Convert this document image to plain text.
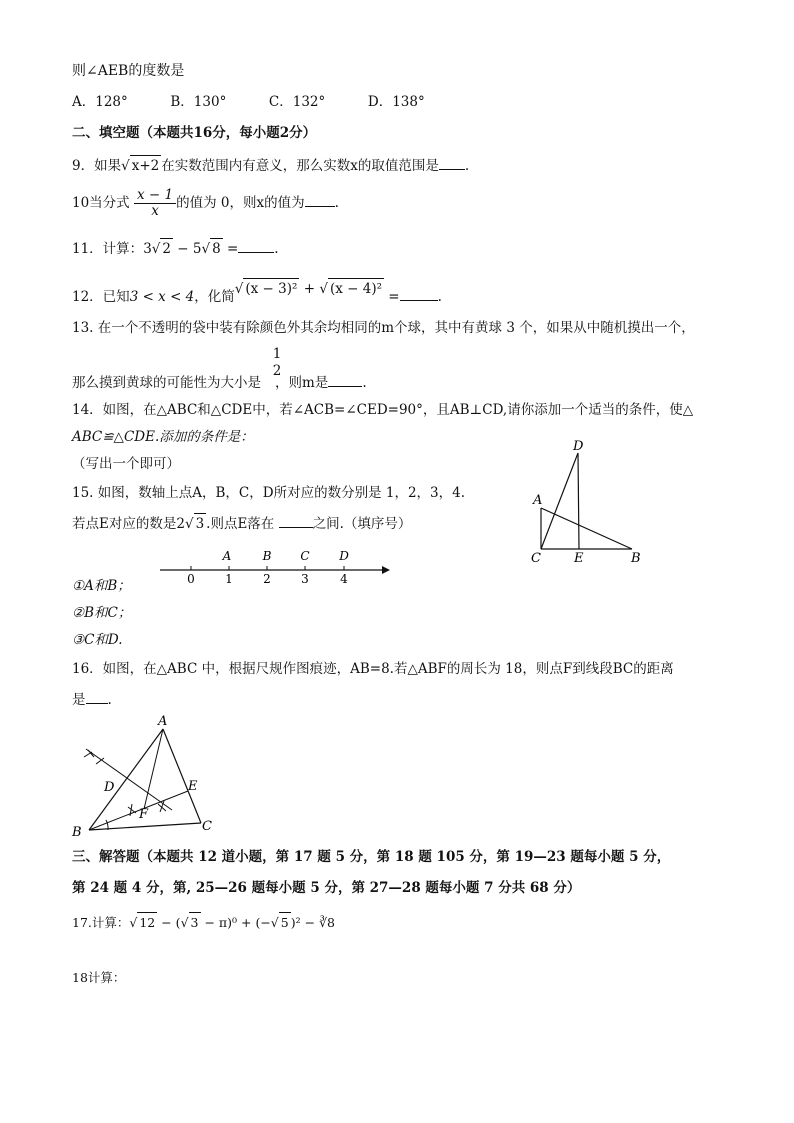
则∠AEB的度数是
A．128°	B．130°	C．132°	D．138°
二、填空题（本题共16分，每小题2分）
9．如果√ x+2 在实数范围内有意义，那么实数x的取值范围是 .
10当分式 $\frac{x - 1}{x}$ 的值为 0，则x的值为 .
11．计算：3√ 2 − 5√ 8 =	.
12．已知3 < x < 4，化简√ (x − 3)² + √ (x − 4)² =	.
13. 在一个不透明的袋中装有除颜色外其余均相同的m个球，其中有黄球 3 个，如果从中随机摸出一个，
1
2
那么摸到黄球的可能性为大小是 ，则m是	.
14．如图，在△ABC和△CDE中，若∠ACB=∠CED=90°，且AB⊥CD,请你添加一个适当的条件，使△
ABC≌△CDE.添加的条件是：
（写出一个即可）
D
A
C	E	B
15. 如图，数轴上点A，B，C，D所对应的数分别是 1，2，3，4.
若点E对应的数是2√ 3 .则点E落在	之间.（填序号）
A	B C D
0	1	2	3	4
①A和B；
②B和C；
③C和D.
16．如图，在△ABC 中，根据尺规作图痕迹，AB=8.若△ABF的周长为 18，则点F到线段BC的距离
是 .
A
D	E
F
B	C
三、解答题（本题共 12 道小题，第 17 题 5 分，第 18 题 105 分，第 19—23 题每小题 5 分，
第 24 题 4 分，第, 25—26 题每小题 5 分，第 27—28 题每小题 7 分共 68 分）
17.计算：√ 12 − (√ 3 − π)⁰ + (−√ 5 )² − ∛8
18计算：
